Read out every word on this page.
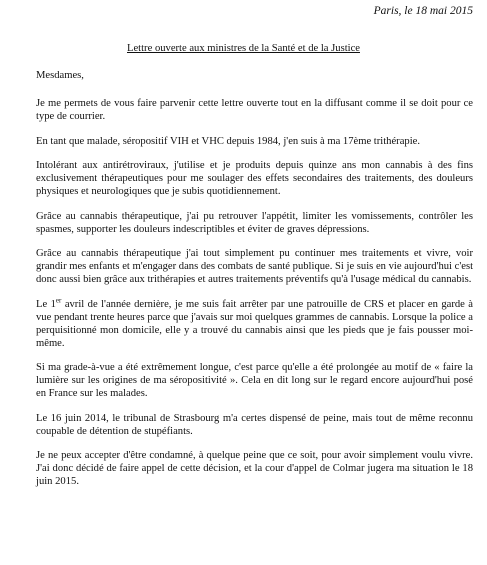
Paris, le 18 mai 2015
Lettre ouverte aux ministres de la Santé et de la Justice

Mesdames,

Je me permets de vous faire parvenir cette lettre ouverte tout en la diffusant comme il se doit pour ce type de courrier.

En tant que malade, séropositif VIH et VHC depuis 1984, j'en suis à ma 17ème trithérapie.

Intolérant aux antirétroviraux, j'utilise et je produits depuis quinze ans mon cannabis à des fins exclusivement thérapeutiques pour me soulager des effets secondaires des traitements, des douleurs physiques et neurologiques que je subis quotidiennement.

Grâce au cannabis thérapeutique, j'ai pu retrouver l'appétit, limiter les vomissements, contrôler les spasmes, supporter les douleurs indescriptibles et éviter de graves dépressions.

Grâce au cannabis thérapeutique j'ai tout simplement pu continuer mes traitements et vivre, voir grandir mes enfants et m'engager dans des combats de santé publique. Si je suis en vie aujourd'hui c'est donc aussi bien grâce aux trithérapies et autres traitements préventifs qu'à l'usage médical du cannabis.

Le 1er avril de l'année dernière, je me suis fait arrêter par une patrouille de CRS et placer en garde à vue pendant trente heures parce que j'avais sur moi quelques grammes de cannabis. Lorsque la police a perquisitionné mon domicile, elle y a trouvé du cannabis ainsi que les pieds que je fais pousser moi-même.

Si ma grade-à-vue a été extrêmement longue, c'est parce qu'elle a été prolongée au motif de « faire la lumière sur les origines de ma séropositivité ». Cela en dit long sur le regard encore aujourd'hui posé en France sur les malades.

Le 16 juin 2014, le tribunal de Strasbourg m'a certes dispensé de peine, mais tout de même reconnu coupable de détention de stupéfiants.

Je ne peux accepter d'être condamné, à quelque peine que ce soit, pour avoir simplement voulu vivre. J'ai donc décidé de faire appel de cette décision, et la cour d'appel de Colmar jugera ma situation le 18 juin 2015.
